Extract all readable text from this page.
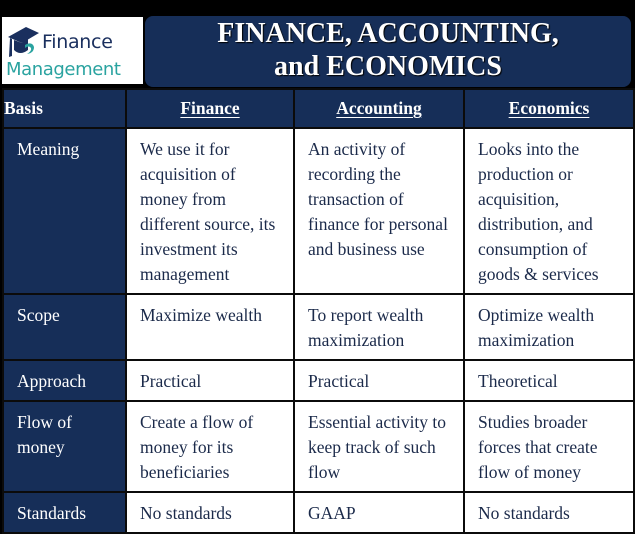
Finance
Management
FINANCE, ACCOUNTING,
and ECONOMICS
Basis	Finance	Accounting	Economics
Meaning	We use it for acquisition of money from different source, its investment its management	An activity of recording the transaction of finance for personal and business use	Looks into the production or acquisition, distribution, and consumption of goods & services
Scope	Maximize wealth	To report wealth maximization	Optimize wealth maximization
Approach	Practical	Practical	Theoretical
Flow of money	Create a flow of money for its beneficiaries	Essential activity to keep track of such flow	Studies broader forces that create flow of money
Standards	No standards	GAAP	No standards
